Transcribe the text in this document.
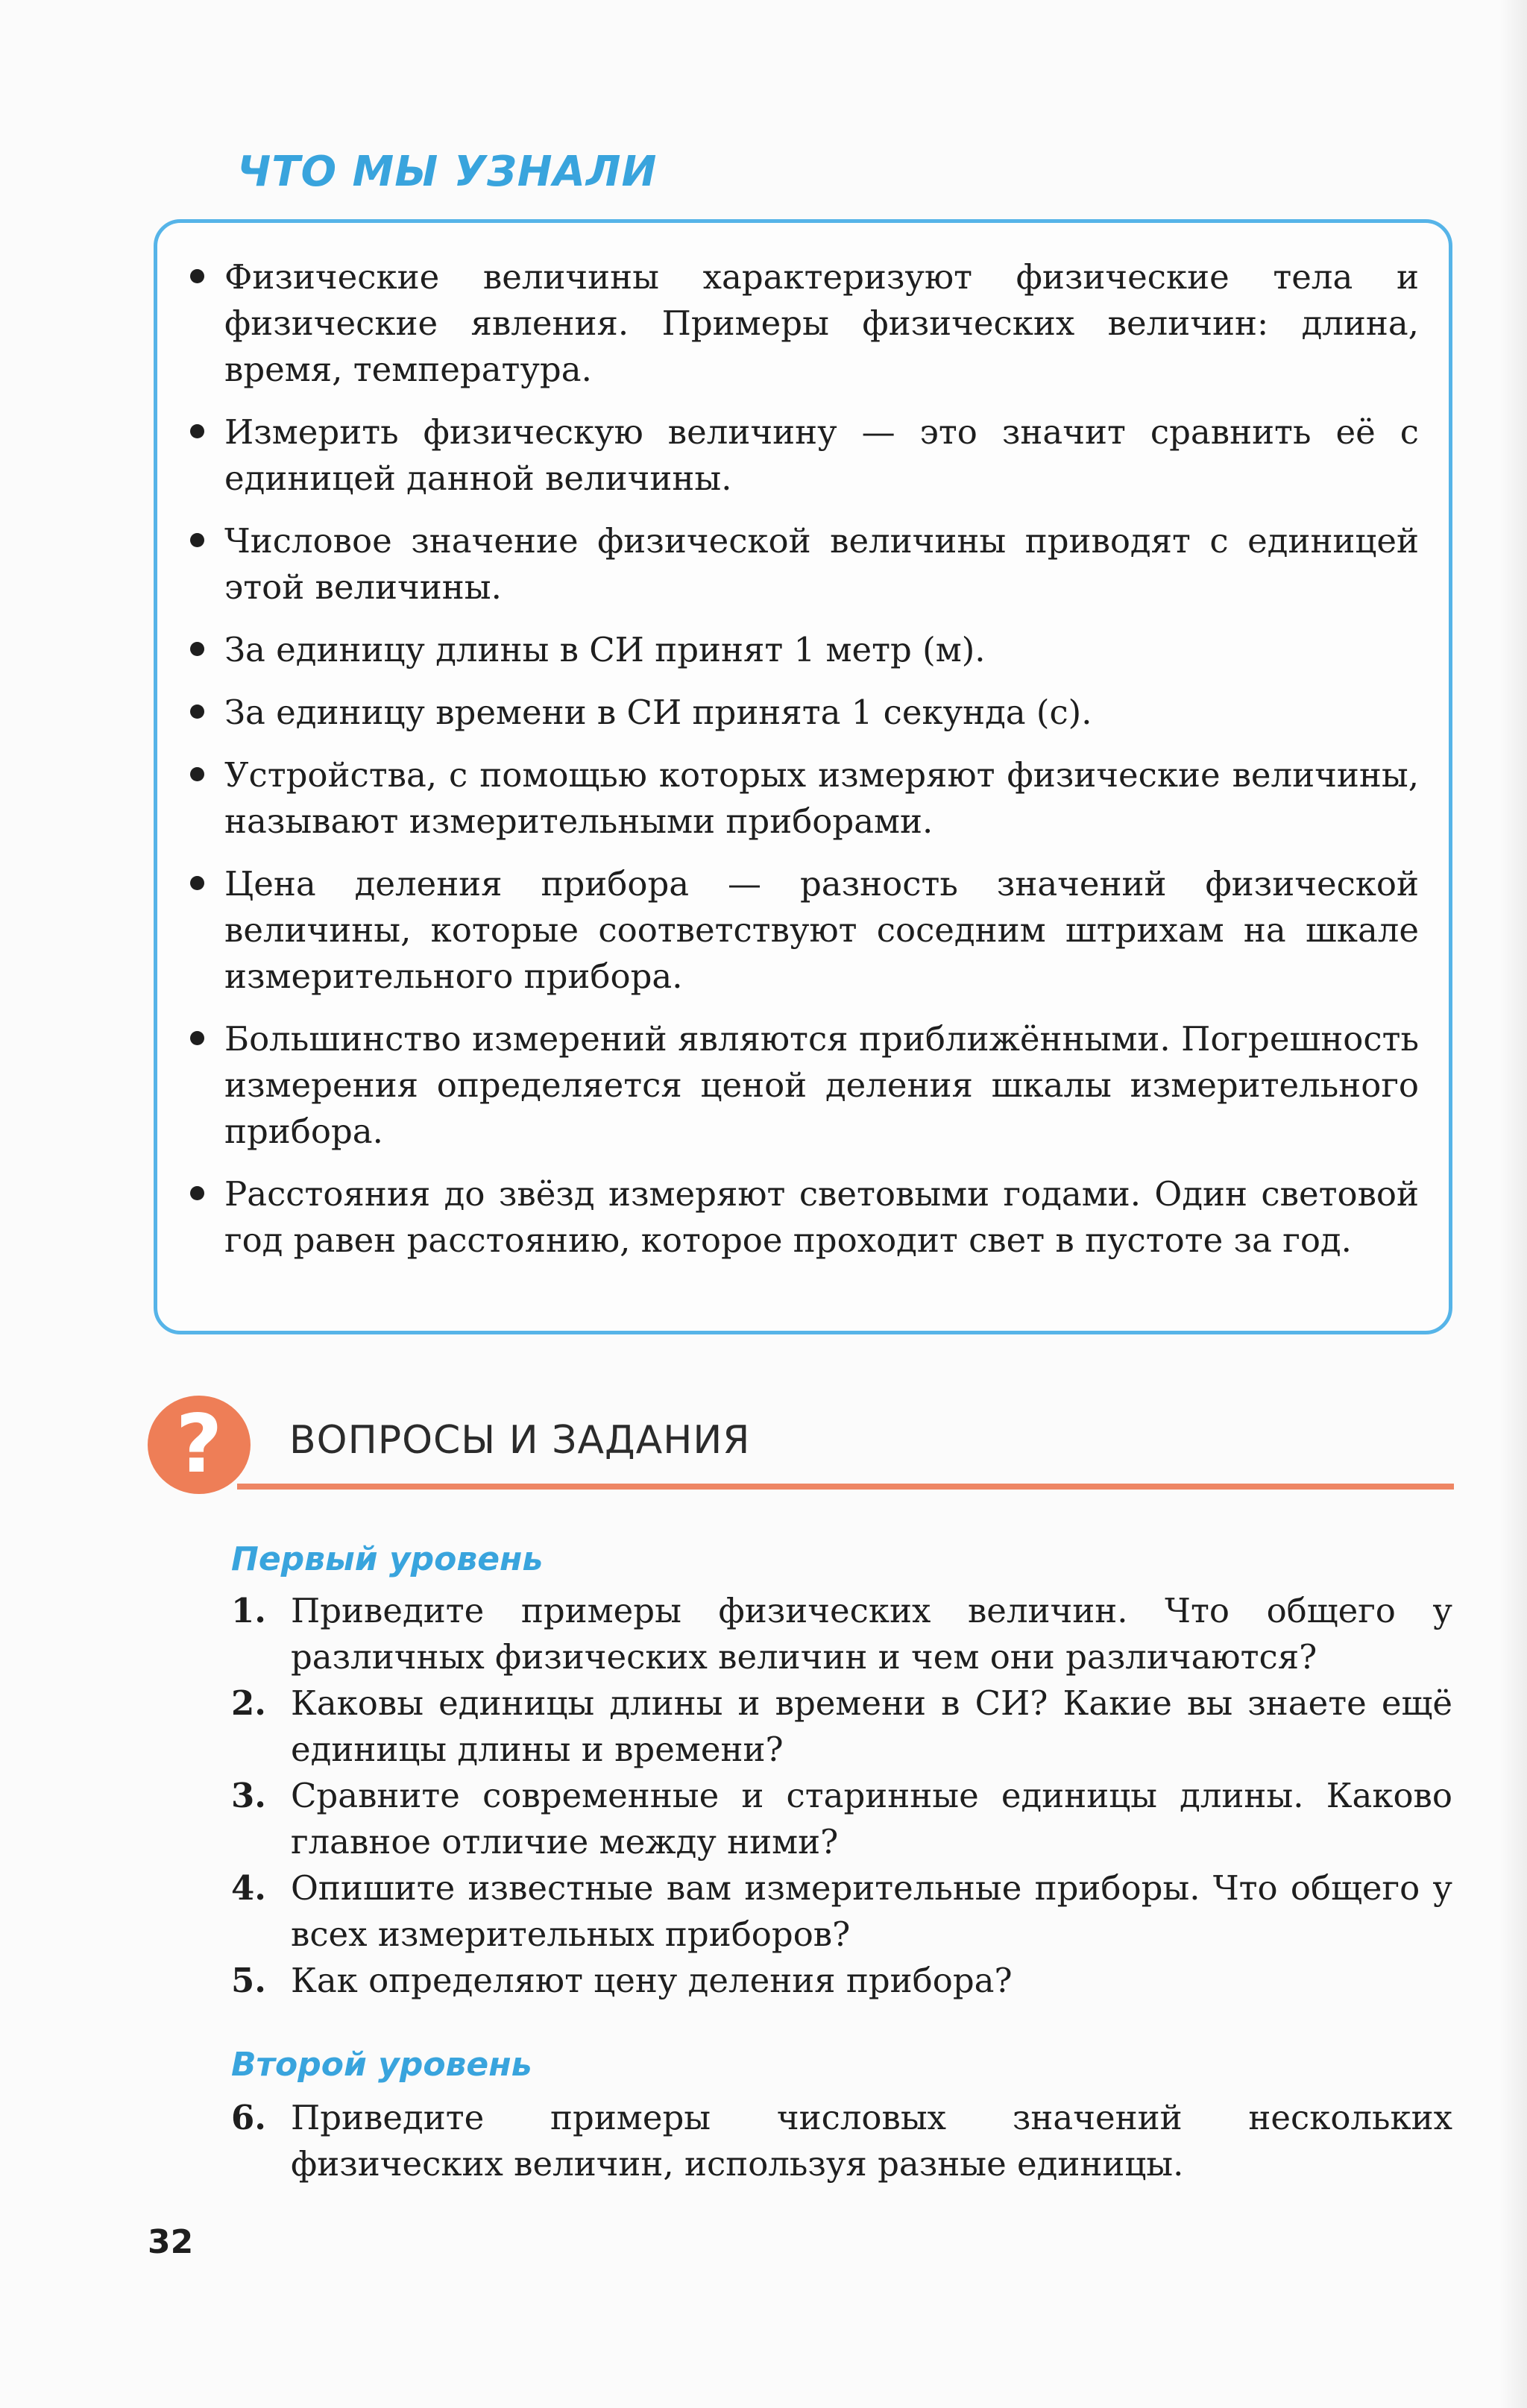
ЧТО МЫ УЗНАЛИ
Физические величины характеризуют физические тела и физические явления. Примеры физических величин: длина, время, температура.
Измерить физическую величину — это значит сравнить её с единицей данной величины.
Числовое значение физической величины приводят с единицей этой величины.
За единицу длины в СИ принят 1 метр (м).
За единицу времени в СИ принята 1 секунда (с).
Устройства, с помощью которых измеряют физические величины, называют измерительными приборами.
Цена деления прибора — разность значений физической величины, которые соответствуют соседним штрихам на шкале измерительного прибора.
Большинство измерений являются приближёнными. Погрешность измерения определяется ценой деления шкалы измерительного прибора.
Расстояния до звёзд измеряют световыми годами. Один световой год равен расстоянию, которое проходит свет в пустоте за год.
? ВОПРОСЫ И ЗАДАНИЯ
Первый уровень
1. Приведите примеры физических величин. Что общего у различных физических величин и чем они различаются?
2. Каковы единицы длины и времени в СИ? Какие вы знаете ещё единицы длины и времени?
3. Сравните современные и старинные единицы длины. Каково главное отличие между ними?
4. Опишите известные вам измерительные приборы. Что общего у всех измерительных приборов?
5. Как определяют цену деления прибора?
Второй уровень
6. Приведите примеры числовых значений нескольких физических величин, используя разные единицы.
32
